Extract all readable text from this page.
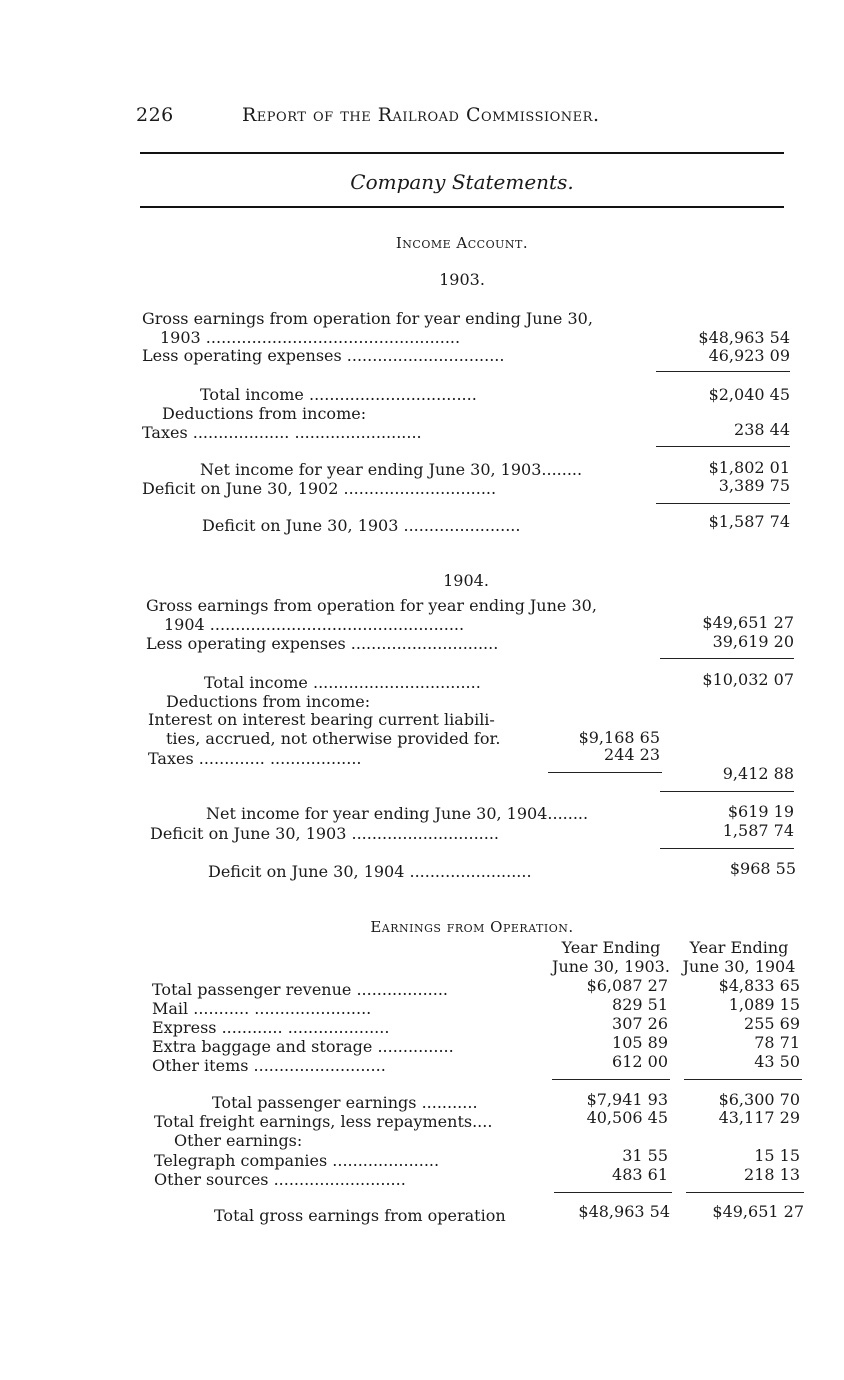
226	Report of the Railroad Commissioner.
Company Statements.
Income Account.
1903.
Gross earnings from operation for year ending June 30,
1903 ..................................................	$48,963 54
Less operating expenses ...............................	46,923 09
Total income .................................	$2,040 45
Deductions from income:
Taxes ................... .........................	238 44
Net income for year ending June 30, 1903........	$1,802 01
Deficit on June 30, 1902 ..............................	3,389 75
Deficit on June 30, 1903 .......................	$1,587 74
1904.
Gross earnings from operation for year ending June 30,
1904 ..................................................	$49,651 27
Less operating expenses .............................	39,619 20
Total income .................................	$10,032 07
Deductions from income:
Interest on interest bearing current liabili-
ties, accrued, not otherwise provided for.	$9,168 65
Taxes ............. ..................	244 23
9,412 88
Net income for year ending June 30, 1904........	$619 19
Deficit on June 30, 1903 .............................	1,587 74
Deficit on June 30, 1904 ........................	$968 55
Earnings from Operation.
Year Ending
June 30, 1903.
Year Ending
June 30, 1904
Total passenger revenue ..................	$6,087 27	$4,833 65
Mail ........... .......................	829 51	1,089 15
Express ............ ....................	307 26	255 69
Extra baggage and storage ...............	105 89	78 71
Other items ..........................	612 00	43 50
Total passenger earnings ...........	$7,941 93	$6,300 70
Total freight earnings, less repayments....	40,506 45	43,117 29
Other earnings:
Telegraph companies .....................	31 55	15 15
Other sources ..........................	483 61	218 13
Total gross earnings from operation	$48,963 54	$49,651 27
